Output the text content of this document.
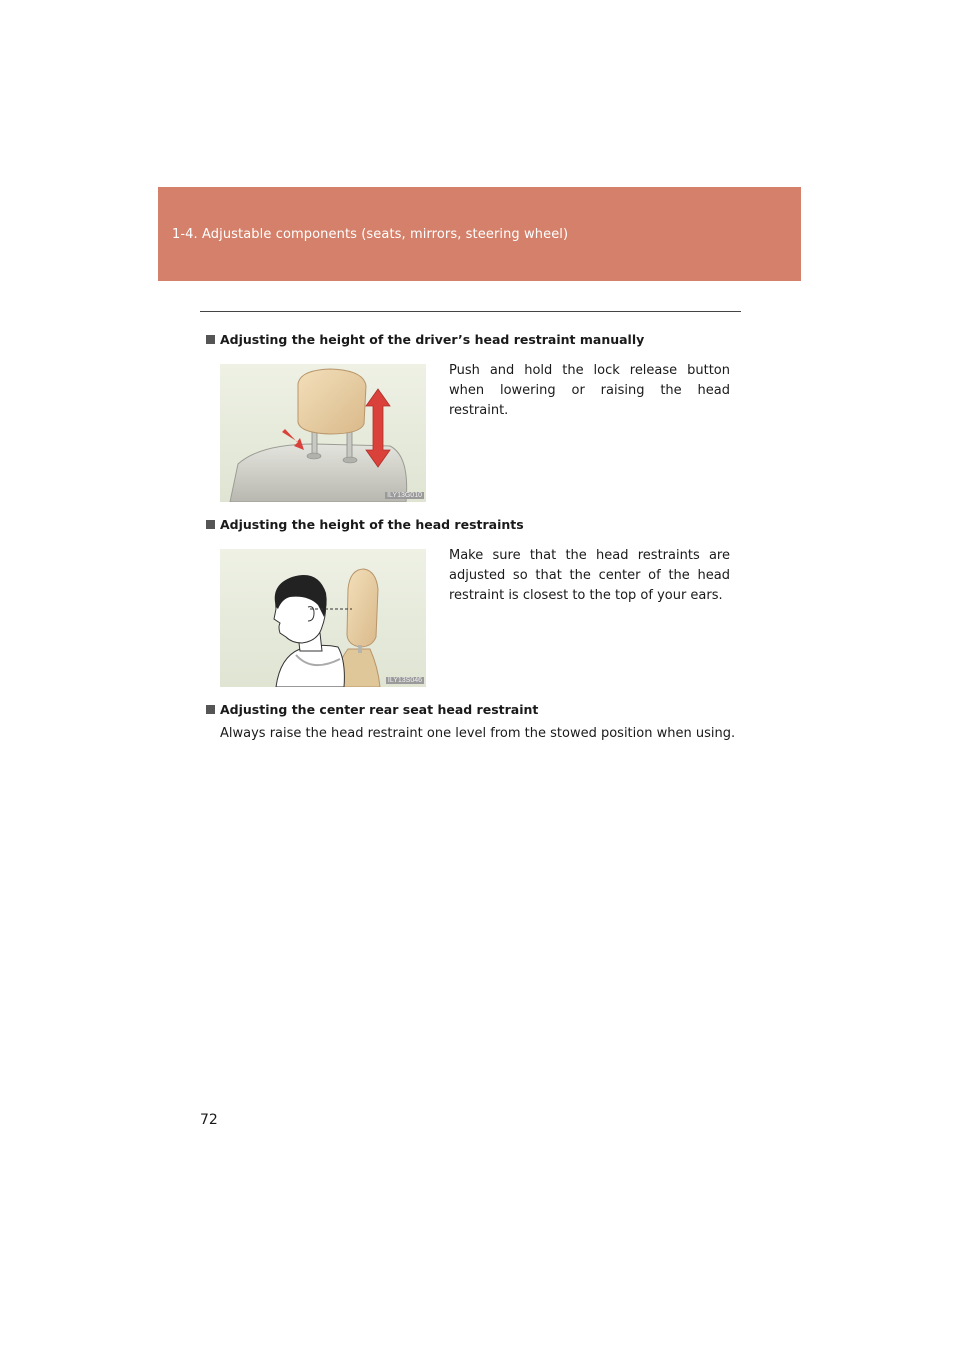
1-4. Adjustable components (seats, mirrors, steering wheel)
Adjusting the height of the driver’s head restraint manually
ILY13G010
Push and hold the lock release button when lowering or raising the head restraint.
Adjusting the height of the head restraints
ILY13S046
Make sure that the head restraints are adjusted so that the center of the head restraint is closest to the top of your ears.
Adjusting the center rear seat head restraint
Always raise the head restraint one level from the stowed position when using.
72
